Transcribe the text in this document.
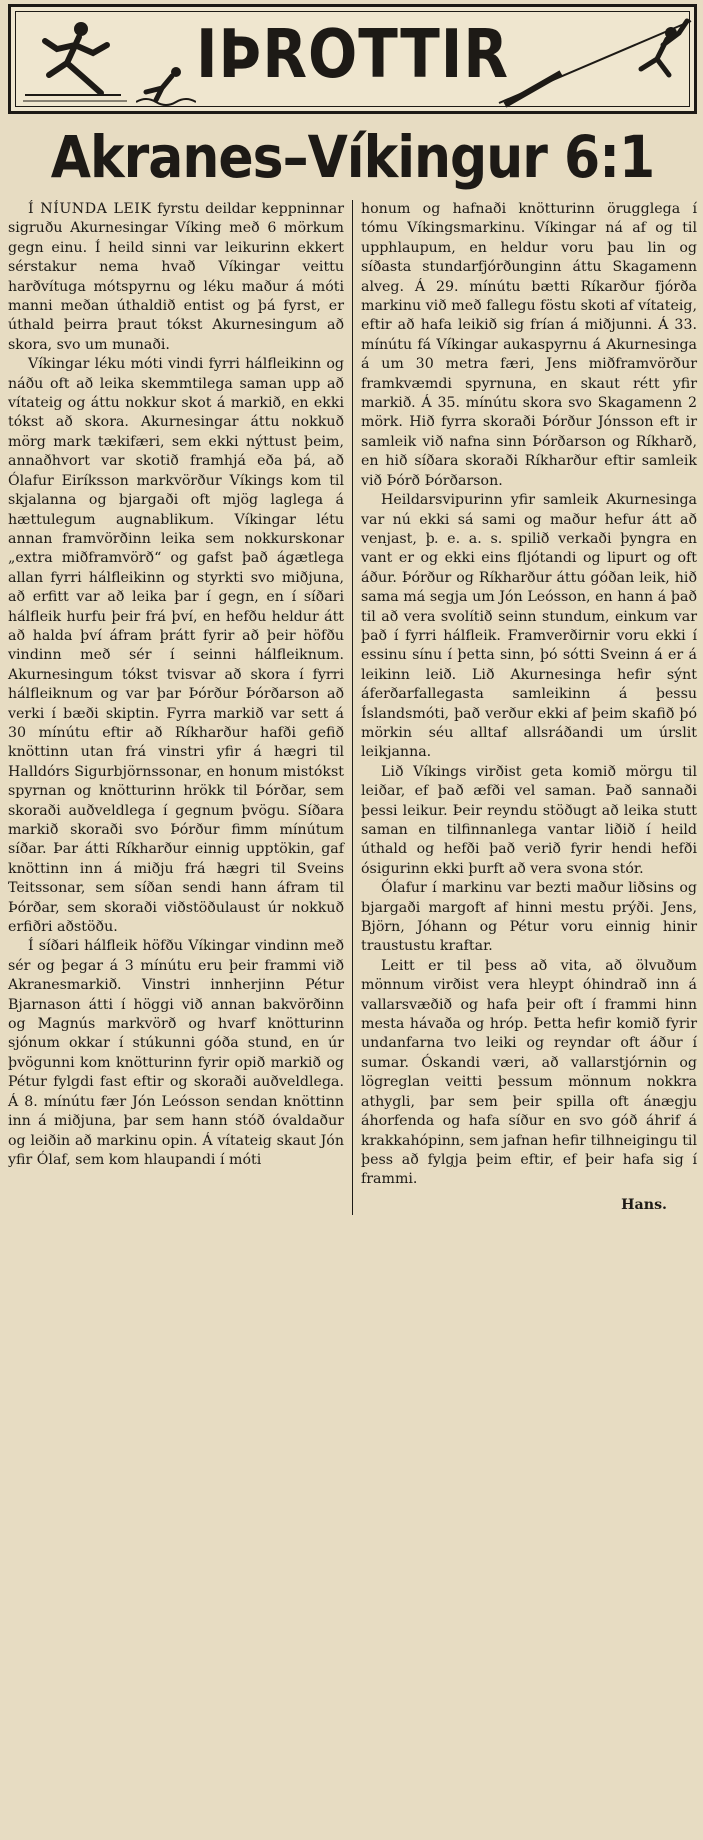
IÞROTTIR
Akranes–Víkingur 6:1

Í NÍUNDA LEIK fyrstu deildar keppninnar sigruðu Akurnesingar Víking með 6 mörkum gegn einu. Í heild sinni var leikurinn ekkert sérstakur nema hvað Víkingar veittu harðvítuga mótspyrnu og léku maður á móti manni meðan úthaldið entist og þá fyrst, er úthald þeirra þraut tókst Akurnesingum að skora, svo um munaði.

Víkingar léku móti vindi fyrri hálfleikinn og náðu oft að leika skemmtilega saman upp að vítateig og áttu nokkur skot á markið, en ekki tókst að skora. Akurnesingar áttu nokkuð mörg mark tækifæri, sem ekki nýttust þeim, annaðhvort var skotið framhjá eða þá, að Ólafur Eiríksson markvörður Víkings kom til skjalanna og bjargaði oft mjög laglega á hættulegum augnablikum. Víkingar létu annan framvörðinn leika sem nokkurskonar „extra miðframvörð“ og gafst það ágætlega allan fyrri hálfleikinn og styrkti svo miðjuna, að erfitt var að leika þar í gegn, en í síðari hálfleik hurfu þeir frá því, en hefðu heldur átt að halda því áfram þrátt fyrir að þeir höfðu vindinn með sér í seinni hálfleiknum. Akurnesingum tókst tvisvar að skora í fyrri hálfleiknum og var þar Þórður Þórðarson að verki í bæði skiptin. Fyrra markið var sett á 30 mínútu eftir að Ríkharður hafði gefið knöttinn utan frá vinstri yfir á hægri til Halldórs Sigurbjörnssonar, en honum mistókst spyrnan og knötturinn hrökk til Þórðar, sem skoraði auðveldlega í gegnum þvögu. Síðara markið skoraði svo Þórður fimm mínútum síðar. Þar átti Ríkharður einnig upptökin, gaf knöttinn inn á miðju frá hægri til Sveins Teitssonar, sem síðan sendi hann áfram til Þórðar, sem skoraði viðstöðulaust úr nokkuð erfiðri aðstöðu.

Í síðari hálfleik höfðu Víkingar vindinn með sér og þegar á 3 mínútu eru þeir frammi við Akranesmarkið. Vinstri innherjinn Pétur Bjarnason átti í höggi við annan bakvörðinn og Magnús markvörð og hvarf knötturinn sjónum okkar í stúkunni góða stund, en úr þvögunni kom knötturinn fyrir opið markið og Pétur fylgdi fast eftir og skoraði auðveldlega. Á 8. mínútu fær Jón Leósson sendan knöttinn inn á miðjuna, þar sem hann stóð óvaldaður og leiðin að markinu opin. Á vítateig skaut Jón yfir Ólaf, sem kom hlaupandi í móti

honum og hafnaði knötturinn örugglega í tómu Víkingsmarkinu. Víkingar ná af og til upphlaupum, en heldur voru þau lin og síðasta stundarfjórðunginn áttu Skagamenn alveg. Á 29. mínútu bætti Ríkarður fjórða markinu við með fallegu föstu skoti af vítateig, eftir að hafa leikið sig frían á miðjunni. Á 33. mínútu fá Víkingar aukaspyrnu á Akurnesinga á um 30 metra færi, Jens miðframvörður framkvæmdi spyrnuna, en skaut rétt yfir markið. Á 35. mínútu skora svo Skagamenn 2 mörk. Hið fyrra skoraði Þórður Jónsson eft ir samleik við nafna sinn Þórðarson og Ríkharð, en hið síðara skoraði Ríkharður eftir samleik við Þórð Þórðarson.

Heildarsvipurinn yfir samleik Akurnesinga var nú ekki sá sami og maður hefur átt að venjast, þ. e. a. s. spilið verkaði þyngra en vant er og ekki eins fljótandi og lipurt og oft áður. Þórður og Ríkharður áttu góðan leik, hið sama má segja um Jón Leósson, en hann á það til að vera svolítið seinn stundum, einkum var það í fyrri hálfleik. Framverðirnir voru ekki í essinu sínu í þetta sinn, þó sótti Sveinn á er á leikinn leið. Lið Akurnesinga hefir sýnt áferðarfallegasta samleikinn á þessu Íslandsmóti, það verður ekki af þeim skafið þó mörkin séu alltaf allsráðandi um úrslit leikjanna.

Lið Víkings virðist geta komið mörgu til leiðar, ef það æfði vel saman. Það sannaði þessi leikur. Þeir reyndu stöðugt að leika stutt saman en tilfinnanlega vantar liðið í heild úthald og hefði það verið fyrir hendi hefði ósigurinn ekki þurft að vera svona stór.

Ólafur í markinu var bezti maður liðsins og bjargaði margoft af hinni mestu prýði. Jens, Björn, Jóhann og Pétur voru einnig hinir traustustu kraftar.

Leitt er til þess að vita, að ölvuðum mönnum virðist vera hleypt óhindrað inn á vallarsvæðið og hafa þeir oft í frammi hinn mesta hávaða og hróp. Þetta hefir komið fyrir undanfarna tvo leiki og reyndar oft áður í sumar. Óskandi væri, að vallarstjórnin og lögreglan veitti þessum mönnum nokkra athygli, þar sem þeir spilla oft ánægju áhorfenda og hafa síður en svo góð áhrif á krakkahópinn, sem jafnan hefir tilhneigingu til þess að fylgja þeim eftir, ef þeir hafa sig í frammi.

Hans.
